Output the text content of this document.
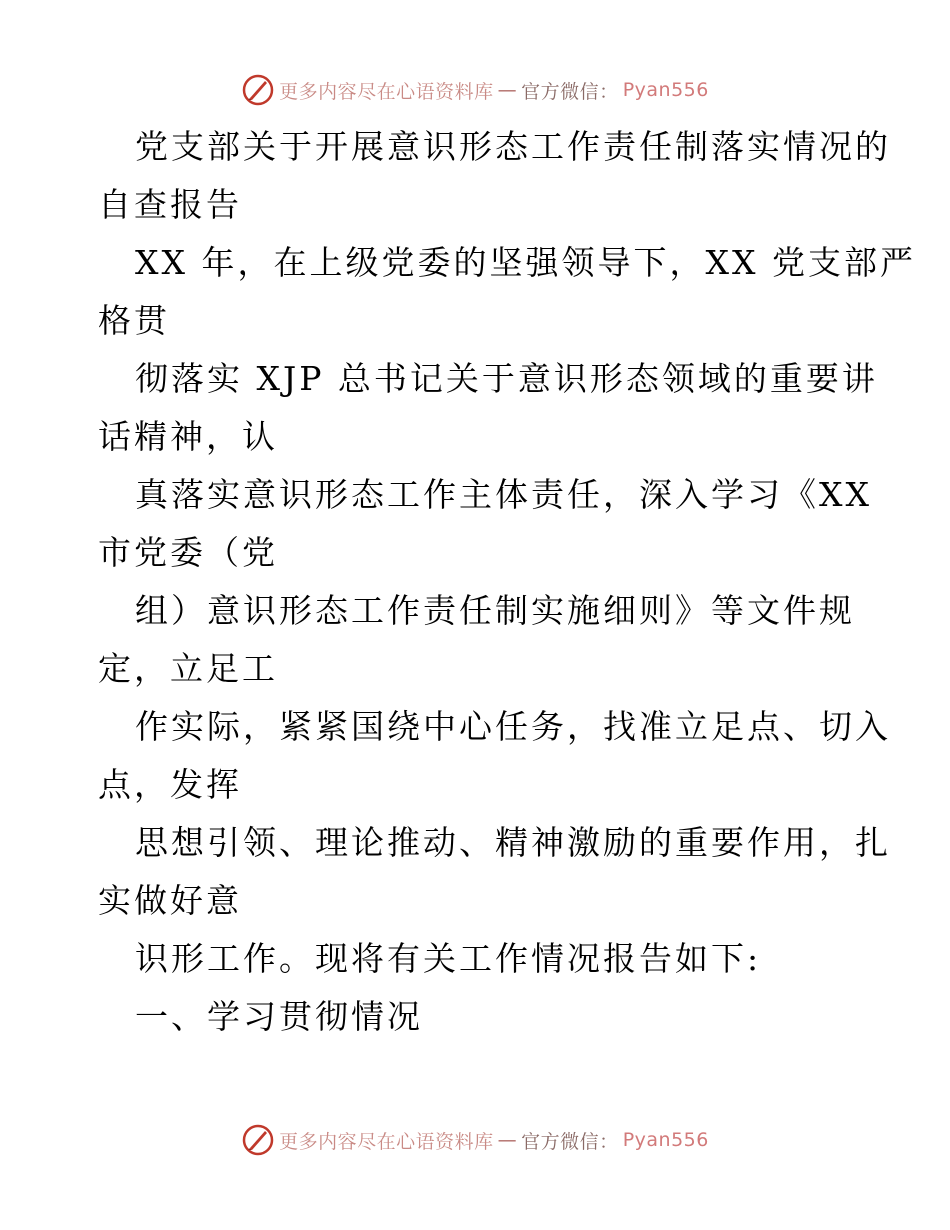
更多内容尽在心语资料库 — 官方微信： Pyan556
党支部关于开展意识形态工作责任制落实情况的
自查报告
XX 年，在上级党委的坚强领导下，XX 党支部严
格贯
彻落实 XJP 总书记关于意识形态领域的重要讲
话精神，认
真落实意识形态工作主体责任，深入学习《XX
市党委（党
组）意识形态工作责任制实施细则》等文件规
定，立足工
作实际，紧紧国绕中心任务，找准立足点、切入
点，发挥
思想引领、理论推动、精神激励的重要作用，扎
实做好意
识形工作。现将有关工作情况报告如下:
一、学习贯彻情况
更多内容尽在心语资料库 — 官方微信： Pyan556
